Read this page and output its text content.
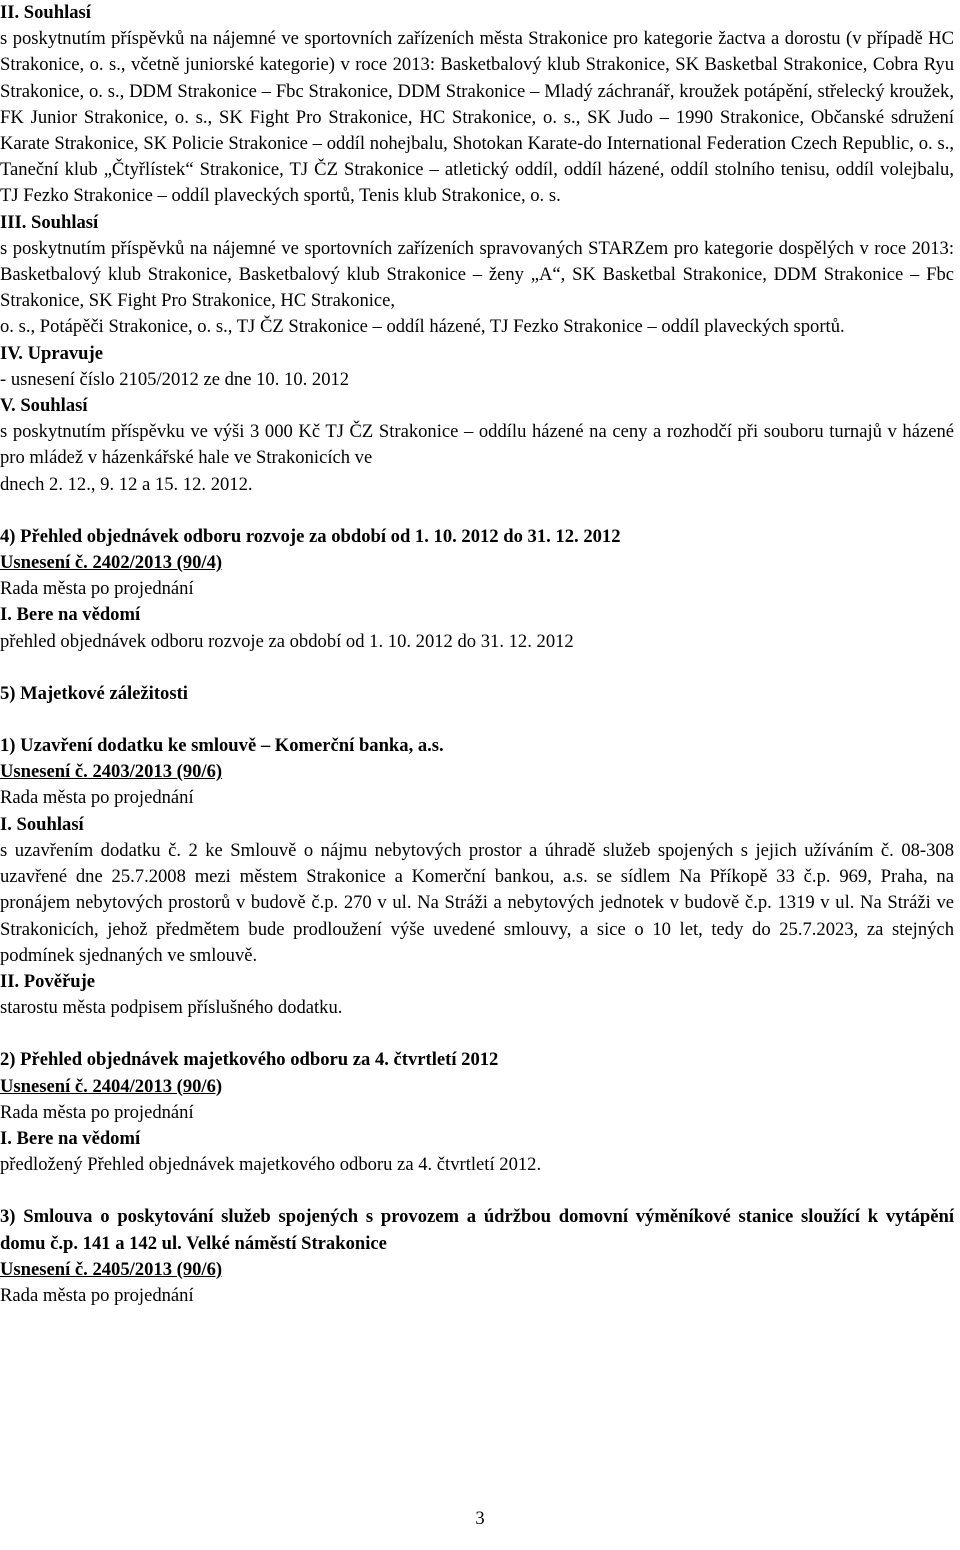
II. Souhlasí

s poskytnutím příspěvků na nájemné ve sportovních zařízeních města Strakonice pro kategorie žactva a dorostu (v případě HC Strakonice, o. s., včetně juniorské kategorie) v roce 2013: Basketbalový klub Strakonice, SK Basketbal Strakonice, Cobra Ryu Strakonice, o. s., DDM Strakonice – Fbc Strakonice, DDM Strakonice – Mladý záchranář, kroužek potápění, střelecký kroužek, FK Junior Strakonice, o. s., SK Fight Pro Strakonice, HC Strakonice, o. s., SK Judo – 1990 Strakonice, Občanské sdružení Karate Strakonice, SK Policie Strakonice – oddíl nohejbalu, Shotokan Karate-do International Federation Czech Republic, o. s., Taneční klub „Čtyřlístek“ Strakonice, TJ ČZ Strakonice – atletický oddíl, oddíl házené, oddíl stolního tenisu, oddíl volejbalu, TJ Fezko Strakonice – oddíl plaveckých sportů, Tenis klub Strakonice, o. s.

III. Souhlasí

s poskytnutím příspěvků na nájemné ve sportovních zařízeních spravovaných STARZem pro kategorie dospělých v roce 2013: Basketbalový klub Strakonice, Basketbalový klub Strakonice – ženy „A“, SK Basketbal Strakonice, DDM Strakonice – Fbc Strakonice, SK Fight Pro Strakonice, HC Strakonice,

o. s., Potápěči Strakonice, o. s., TJ ČZ Strakonice – oddíl házené, TJ Fezko Strakonice – oddíl plaveckých sportů.

IV. Upravuje

- usnesení číslo 2105/2012 ze dne 10. 10. 2012

V. Souhlasí

s poskytnutím příspěvku ve výši 3 000 Kč TJ ČZ Strakonice – oddílu házené na ceny a rozhodčí při souboru turnajů v házené pro mládež v házenkářské hale ve Strakonicích ve

dnech 2. 12., 9. 12 a 15. 12. 2012.

4) Přehled objednávek odboru rozvoje za období od 1. 10. 2012 do 31. 12. 2012

Usnesení č. 2402/2013 (90/4)

Rada města po projednání

I. Bere na vědomí

přehled objednávek odboru rozvoje za období od 1. 10. 2012 do 31. 12. 2012

5) Majetkové záležitosti

1) Uzavření dodatku ke smlouvě – Komerční banka, a.s.

Usnesení č. 2403/2013 (90/6)

Rada města po projednání

I. Souhlasí

s uzavřením dodatku č. 2 ke Smlouvě o nájmu nebytových prostor a úhradě služeb spojených s jejich užíváním č. 08-308 uzavřené dne 25.7.2008 mezi městem Strakonice a Komerční bankou, a.s. se sídlem Na Příkopě 33 č.p. 969, Praha, na pronájem nebytových prostorů v budově č.p. 270 v ul. Na Stráži a nebytových jednotek v budově č.p. 1319 v ul. Na Stráži ve Strakonicích, jehož předmětem bude prodloužení výše uvedené smlouvy, a sice o 10 let, tedy do 25.7.2023, za stejných podmínek sjednaných ve smlouvě.

II. Pověřuje

starostu města podpisem příslušného dodatku.

2) Přehled objednávek majetkového odboru za 4. čtvrtletí 2012

Usnesení č. 2404/2013 (90/6)

Rada města po projednání

I. Bere na vědomí

předložený Přehled objednávek majetkového odboru za 4. čtvrtletí 2012.

3) Smlouva o poskytování služeb spojených s provozem a údržbou domovní výměníkové stanice sloužící k vytápění domu č.p. 141 a 142 ul. Velké náměstí Strakonice

Usnesení č. 2405/2013 (90/6)

Rada města po projednání

3
